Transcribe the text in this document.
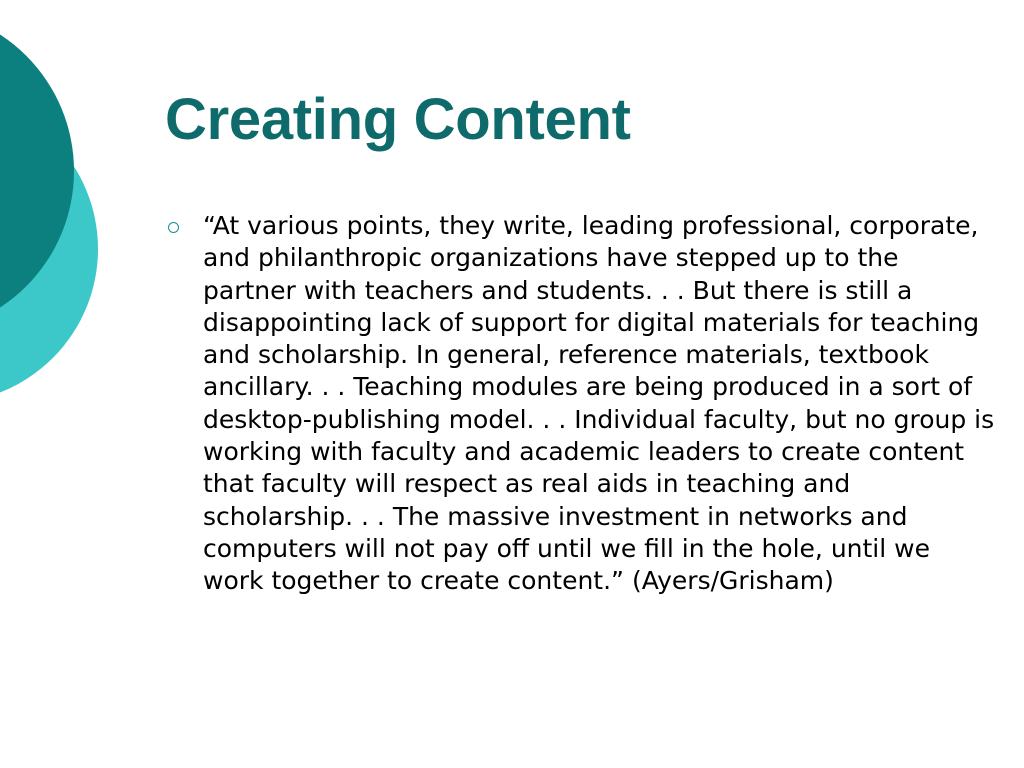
Creating Content
“At various points, they write, leading professional, corporate, and philanthropic organizations have stepped up to the partner with teachers and students. . . But there is still a disappointing lack of support for digital materials for teaching and scholarship. In general, reference materials, textbook ancillary. . . Teaching modules are being produced in a sort of desktop-publishing model. . . Individual faculty, but no group is working with faculty and academic leaders to create content that faculty will respect as real aids in teaching and scholarship. . . The massive investment in networks and computers will not pay off until we fill in the hole, until we work together to create content.” (Ayers/Grisham)
